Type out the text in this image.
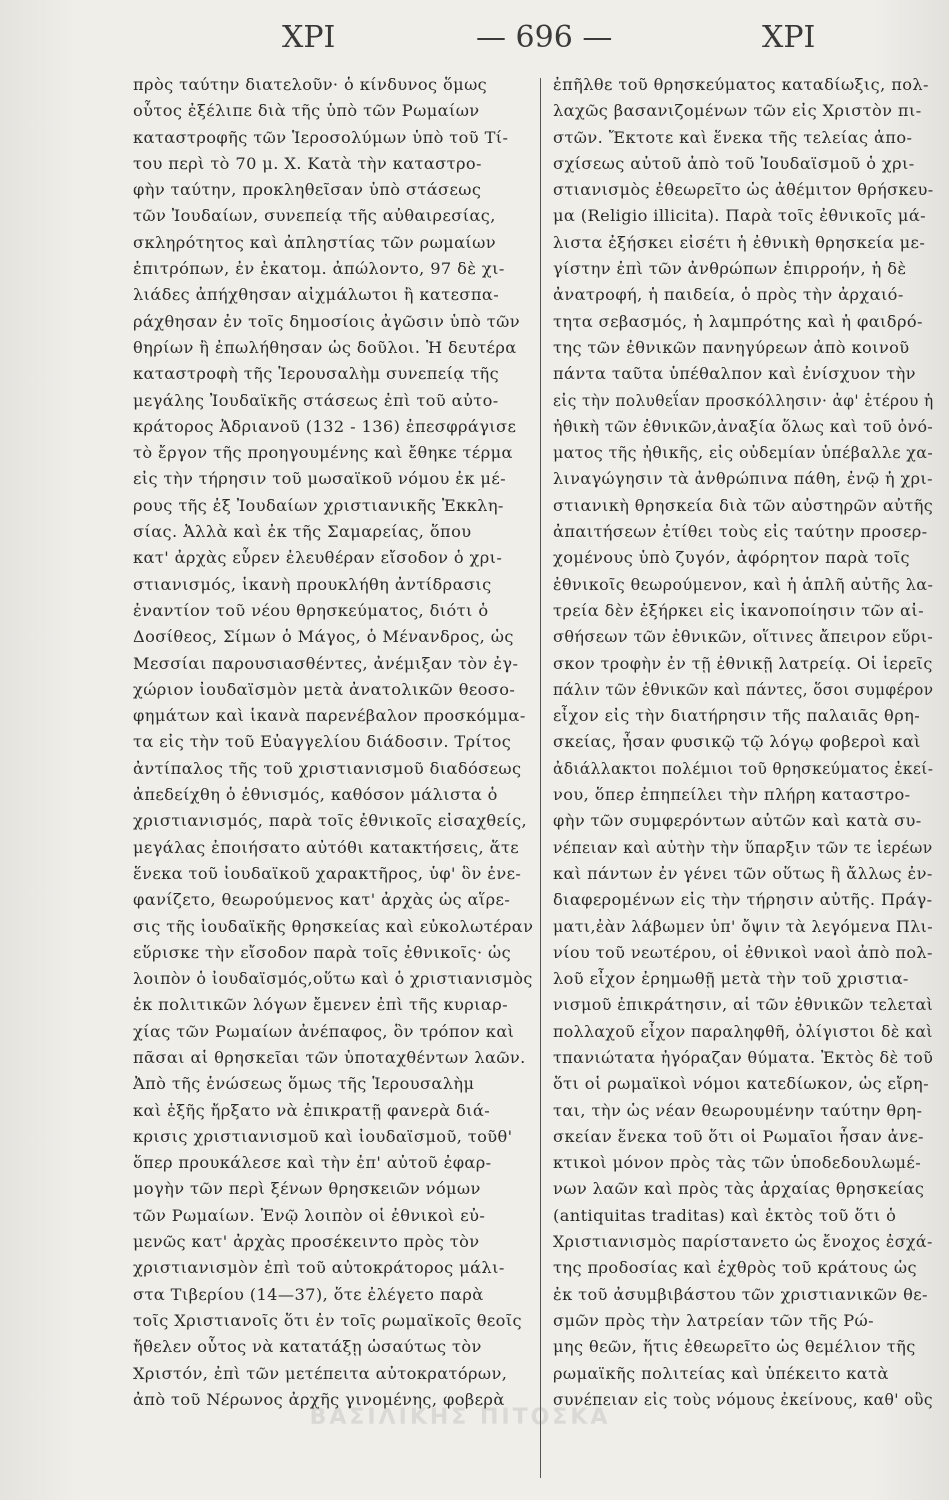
ΧΡΙ	— 696 —	ΧΡΙ
πρὸς ταύτην διατελοῦν· ὁ κίνδυνος ὅμως
οὗτος ἐξέλιπε διὰ τῆς ὑπὸ τῶν Ρωμαίων
καταστροφῆς τῶν Ἱεροσολύμων ὑπὸ τοῦ Τί-
του περὶ τὸ 70 μ. Χ. Κατὰ τὴν καταστρο-
φὴν ταύτην, προκληθεῖσαν ὑπὸ στάσεως
τῶν Ἰουδαίων, συνεπείᾳ τῆς αὐθαιρεσίας,
σκληρότητος καὶ ἀπληστίας τῶν ρωμαίων
ἐπιτρόπων, ἐν ἑκατομ. ἀπώλοντο, 97 δὲ χι-
λιάδες ἀπήχθησαν αἰχμάλωτοι ἢ κατεσπα-
ράχθησαν ἐν τοῖς δημοσίοις ἀγῶσιν ὑπὸ τῶν
θηρίων ἢ ἐπωλήθησαν ὡς δοῦλοι. Ἡ δευτέρα
καταστροφὴ τῆς Ἱερουσαλὴμ συνεπείᾳ τῆς
μεγάλης Ἰουδαϊκῆς στάσεως ἐπὶ τοῦ αὐτο-
κράτορος Ἀδριανοῦ (132 - 136) ἐπεσφράγισε
τὸ ἔργον τῆς προηγουμένης καὶ ἔθηκε τέρμα
εἰς τὴν τήρησιν τοῦ μωσαϊκοῦ νόμου ἐκ μέ-
ρους τῆς ἐξ Ἰουδαίων χριστιανικῆς Ἐκκλη-
σίας. Ἀλλὰ καὶ ἐκ τῆς Σαμαρείας, ὅπου
κατ' ἀρχὰς εὗρεν ἐλευθέραν εἴσοδον ὁ χρι-
στιανισμός, ἱκανὴ προυκλήθη ἀντίδρασις
ἐναντίον τοῦ νέου θρησκεύματος, διότι ὁ
Δοσίθεος, Σίμων ὁ Μάγος, ὁ Μένανδρος, ὡς
Μεσσίαι παρουσιασθέντες, ἀνέμιξαν τὸν ἐγ-
χώριον ἰουδαϊσμὸν μετὰ ἀνατολικῶν θεοσο-
φημάτων καὶ ἱκανὰ παρενέβαλον προσκόμμα-
τα εἰς τὴν τοῦ Εὐαγγελίου διάδοσιν. Τρίτος
ἀντίπαλος τῆς τοῦ χριστιανισμοῦ διαδόσεως
ἀπεδείχθη ὁ ἐθνισμός, καθόσον μάλιστα ὁ
χριστιανισμός, παρὰ τοῖς ἐθνικοῖς εἰσαχθείς,
μεγάλας ἐποιήσατο αὐτόθι κατακτήσεις, ἅτε
ἕνεκα τοῦ ἰουδαϊκοῦ χαρακτῆρος, ὑφ' ὃν ἐνε-
φανίζετο, θεωρούμενος κατ' ἀρχὰς ὡς αἵρε-
σις τῆς ἰουδαϊκῆς θρησκείας καὶ εὐκολωτέραν
εὕρισκε τὴν εἴσοδον παρὰ τοῖς ἐθνικοῖς· ὡς
λοιπὸν ὁ ἰουδαϊσμός,οὕτω καὶ ὁ χριστιανισμὸς
ἐκ πολιτικῶν λόγων ἔμενεν ἐπὶ τῆς κυριαρ-
χίας τῶν Ρωμαίων ἀνέπαφος, ὃν τρόπον καὶ
πᾶσαι αἱ θρησκεῖαι τῶν ὑποταχθέντων λαῶν.
Ἀπὸ τῆς ἑνώσεως ὅμως τῆς Ἱερουσαλὴμ
καὶ ἑξῆς ἤρξατο νὰ ἐπικρατῇ φανερὰ διά-
κρισις χριστιανισμοῦ καὶ ἰουδαϊσμοῦ, τοῦθ'
ὅπερ προυκάλεσε καὶ τὴν ἐπ' αὐτοῦ ἐφαρ-
μογὴν τῶν περὶ ξένων θρησκειῶν νόμων
τῶν Ρωμαίων. Ἐνῷ λοιπὸν οἱ ἐθνικοὶ εὐ-
μενῶς κατ' ἀρχὰς προσέκειντο πρὸς τὸν
χριστιανισμὸν ἐπὶ τοῦ αὐτοκράτορος μάλι-
στα Τιβερίου (14—37), ὅτε ἐλέγετο παρὰ
τοῖς Χριστιανοῖς ὅτι ἐν τοῖς ρωμαϊκοῖς θεοῖς
ἤθελεν οὗτος νὰ κατατάξῃ ὡσαύτως τὸν
Χριστόν, ἐπὶ τῶν μετέπειτα αὐτοκρατόρων,
ἀπὸ τοῦ Νέρωνος ἀρχῆς γινομένης, φοβερὰ
ἐπῆλθε τοῦ θρησκεύματος καταδίωξις, πολ-
λαχῶς βασανιζομένων τῶν εἰς Χριστὸν πι-
στῶν. Ἔκτοτε καὶ ἕνεκα τῆς τελείας ἀπο-
σχίσεως αὐτοῦ ἀπὸ τοῦ Ἰουδαϊσμοῦ ὁ χρι-
στιανισμὸς ἐθεωρεῖτο ὡς ἀθέμιτον θρήσκευ-
μα (Religio illicita). Παρὰ τοῖς ἐθνικοῖς μά-
λιστα ἐξήσκει εἰσέτι ἡ ἐθνικὴ θρησκεία με-
γίστην ἐπὶ τῶν ἀνθρώπων ἐπιρροήν, ἡ δὲ
ἀνατροφή, ἡ παιδεία, ὁ πρὸς τὴν ἀρχαιό-
τητα σεβασμός, ἡ λαμπρότης καὶ ἡ φαιδρό-
της τῶν ἐθνικῶν πανηγύρεων ἀπὸ κοινοῦ
πάντα ταῦτα ὑπέθαλπον καὶ ἐνίσχυον τὴν
εἰς τὴν πολυθεΐαν προσκόλλησιν· ἀφ' ἑτέρου ἡ
ἠθικὴ τῶν ἐθνικῶν,ἀναξία ὅλως καὶ τοῦ ὀνό-
ματος τῆς ἠθικῆς, εἰς οὐδεμίαν ὑπέβαλλε χα-
λιναγώγησιν τὰ ἀνθρώπινα πάθη, ἐνῷ ἡ χρι-
στιανικὴ θρησκεία διὰ τῶν αὐστηρῶν αὐτῆς
ἀπαιτήσεων ἐτίθει τοὺς εἰς ταύτην προσερ-
χομένους ὑπὸ ζυγόν, ἀφόρητον παρὰ τοῖς
ἐθνικοῖς θεωρούμενον, καὶ ἡ ἁπλῆ αὐτῆς λα-
τρεία δὲν ἐξήρκει εἰς ἱκανοποίησιν τῶν αἰ-
σθήσεων τῶν ἐθνικῶν, οἵτινες ἄπειρον εὕρι-
σκον τροφὴν ἐν τῇ ἐθνικῇ λατρείᾳ. Οἱ ἱερεῖς
πάλιν τῶν ἐθνικῶν καὶ πάντες, ὅσοι συμφέρον
εἶχον εἰς τὴν διατήρησιν τῆς παλαιᾶς θρη-
σκείας, ἦσαν φυσικῷ τῷ λόγῳ φοβεροὶ καὶ
ἀδιάλλακτοι πολέμιοι τοῦ θρησκεύματος ἐκεί-
νου, ὅπερ ἐπηπείλει τὴν πλήρη καταστρο-
φὴν τῶν συμφερόντων αὐτῶν καὶ κατὰ συ-
νέπειαν καὶ αὐτὴν τὴν ὕπαρξιν τῶν τε ἱερέων
καὶ πάντων ἐν γένει τῶν οὕτως ἢ ἄλλως ἐν-
διαφερομένων εἰς τὴν τήρησιν αὐτῆς. Πράγ-
ματι,ἐὰν λάβωμεν ὑπ' ὄψιν τὰ λεγόμενα Πλι-
νίου τοῦ νεωτέρου, οἱ ἐθνικοὶ ναοὶ ἀπὸ πολ-
λοῦ εἶχον ἐρημωθῇ μετὰ τὴν τοῦ χριστια-
νισμοῦ ἐπικράτησιν, αἱ τῶν ἐθνικῶν τελεταὶ
πολλαχοῦ εἶχον παραληφθῆ, ὀλίγιστοι δὲ καὶ
τπανιώτατα ἠγόραζαν θύματα. Ἐκτὸς δὲ τοῦ
ὅτι οἱ ρωμαϊκοὶ νόμοι κατεδίωκον, ὡς εἴρη-
ται, τὴν ὡς νέαν θεωρουμένην ταύτην θρη-
σκείαν ἕνεκα τοῦ ὅτι οἱ Ρωμαῖοι ἦσαν ἀνε-
κτικοὶ μόνον πρὸς τὰς τῶν ὑποδεδουλωμέ-
νων λαῶν καὶ πρὸς τὰς ἀρχαίας θρησκείας
(antiquitas traditas) καὶ ἐκτὸς τοῦ ὅτι ὁ
Χριστιανισμὸς παρίστανετο ὡς ἔνοχος ἐσχά-
της προδοσίας καὶ ἐχθρὸς τοῦ κράτους ὡς
ἐκ τοῦ ἀσυμβιβάστου τῶν χριστιανικῶν θε-
σμῶν πρὸς τὴν λατρείαν τῶν τῆς Ρώ-
μης θεῶν, ἥτις ἐθεωρεῖτο ὡς θεμέλιον τῆς
ρωμαϊκῆς πολιτείας καὶ ὑπέκειτο κατὰ
συνέπειαν εἰς τοὺς νόμους ἐκείνους, καθ' οὓς
ΒΑΣΙΛΙΚΗΣ ΠΙΤΟΣΚΑ
